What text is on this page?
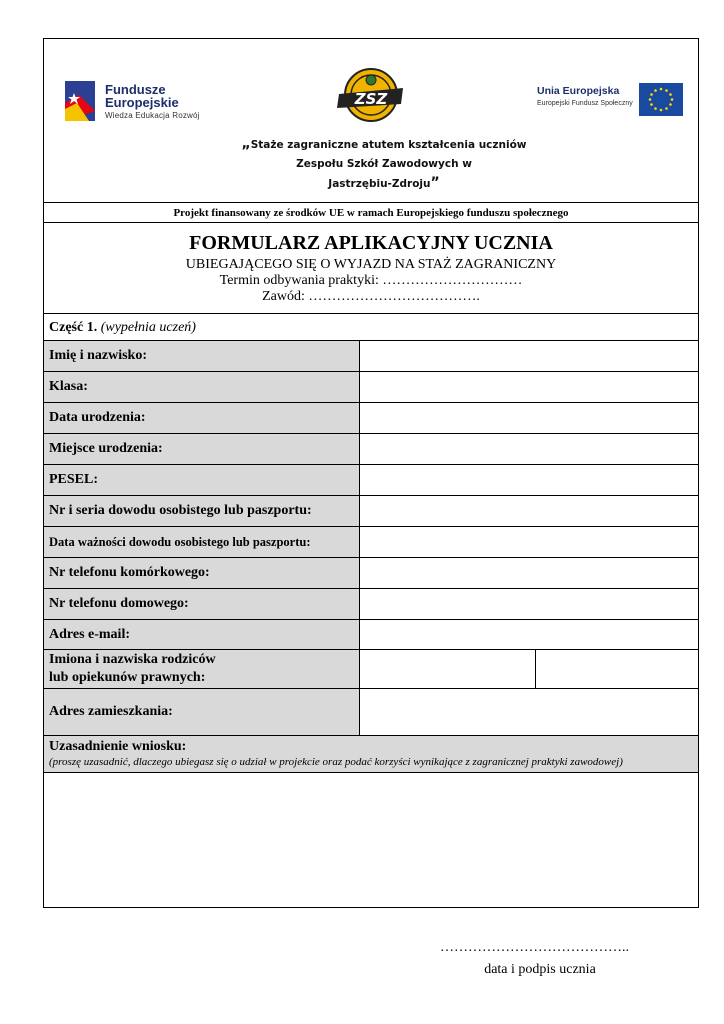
Fundusze
Europejskie
Wiedza Edukacja Rozwój
ZSZ	Unia Europejska
Europejski Fundusz Społeczny
„Staże zagraniczne atutem kształcenia uczniów
Zespołu Szkół Zawodowych w
Jastrzębiu-Zdroju”
Projekt finansowany ze środków UE w ramach Europejskiego funduszu społecznego
FORMULARZ APLIKACYJNY UCZNIA
UBIEGAJĄCEGO SIĘ O WYJAZD NA STAŻ ZAGRANICZNY
Termin odbywania praktyki: …………………………
Zawód: ……………………………….
Część 1. (wypełnia uczeń)
Imię i nazwisko:
Klasa:
Data urodzenia:
Miejsce urodzenia:
PESEL:
Nr i seria dowodu osobistego lub paszportu:
Data ważności dowodu osobistego lub paszportu:
Nr telefonu komórkowego:
Nr telefonu domowego:
Adres e-mail:
Imiona i nazwiska rodziców
lub opiekunów prawnych:
Adres zamieszkania:
Uzasadnienie wniosku:
(proszę uzasadnić, dlaczego ubiegasz się o udział w projekcie oraz podać korzyści wynikające z zagranicznej praktyki zawodowej)
…………………………………..
data i podpis ucznia
